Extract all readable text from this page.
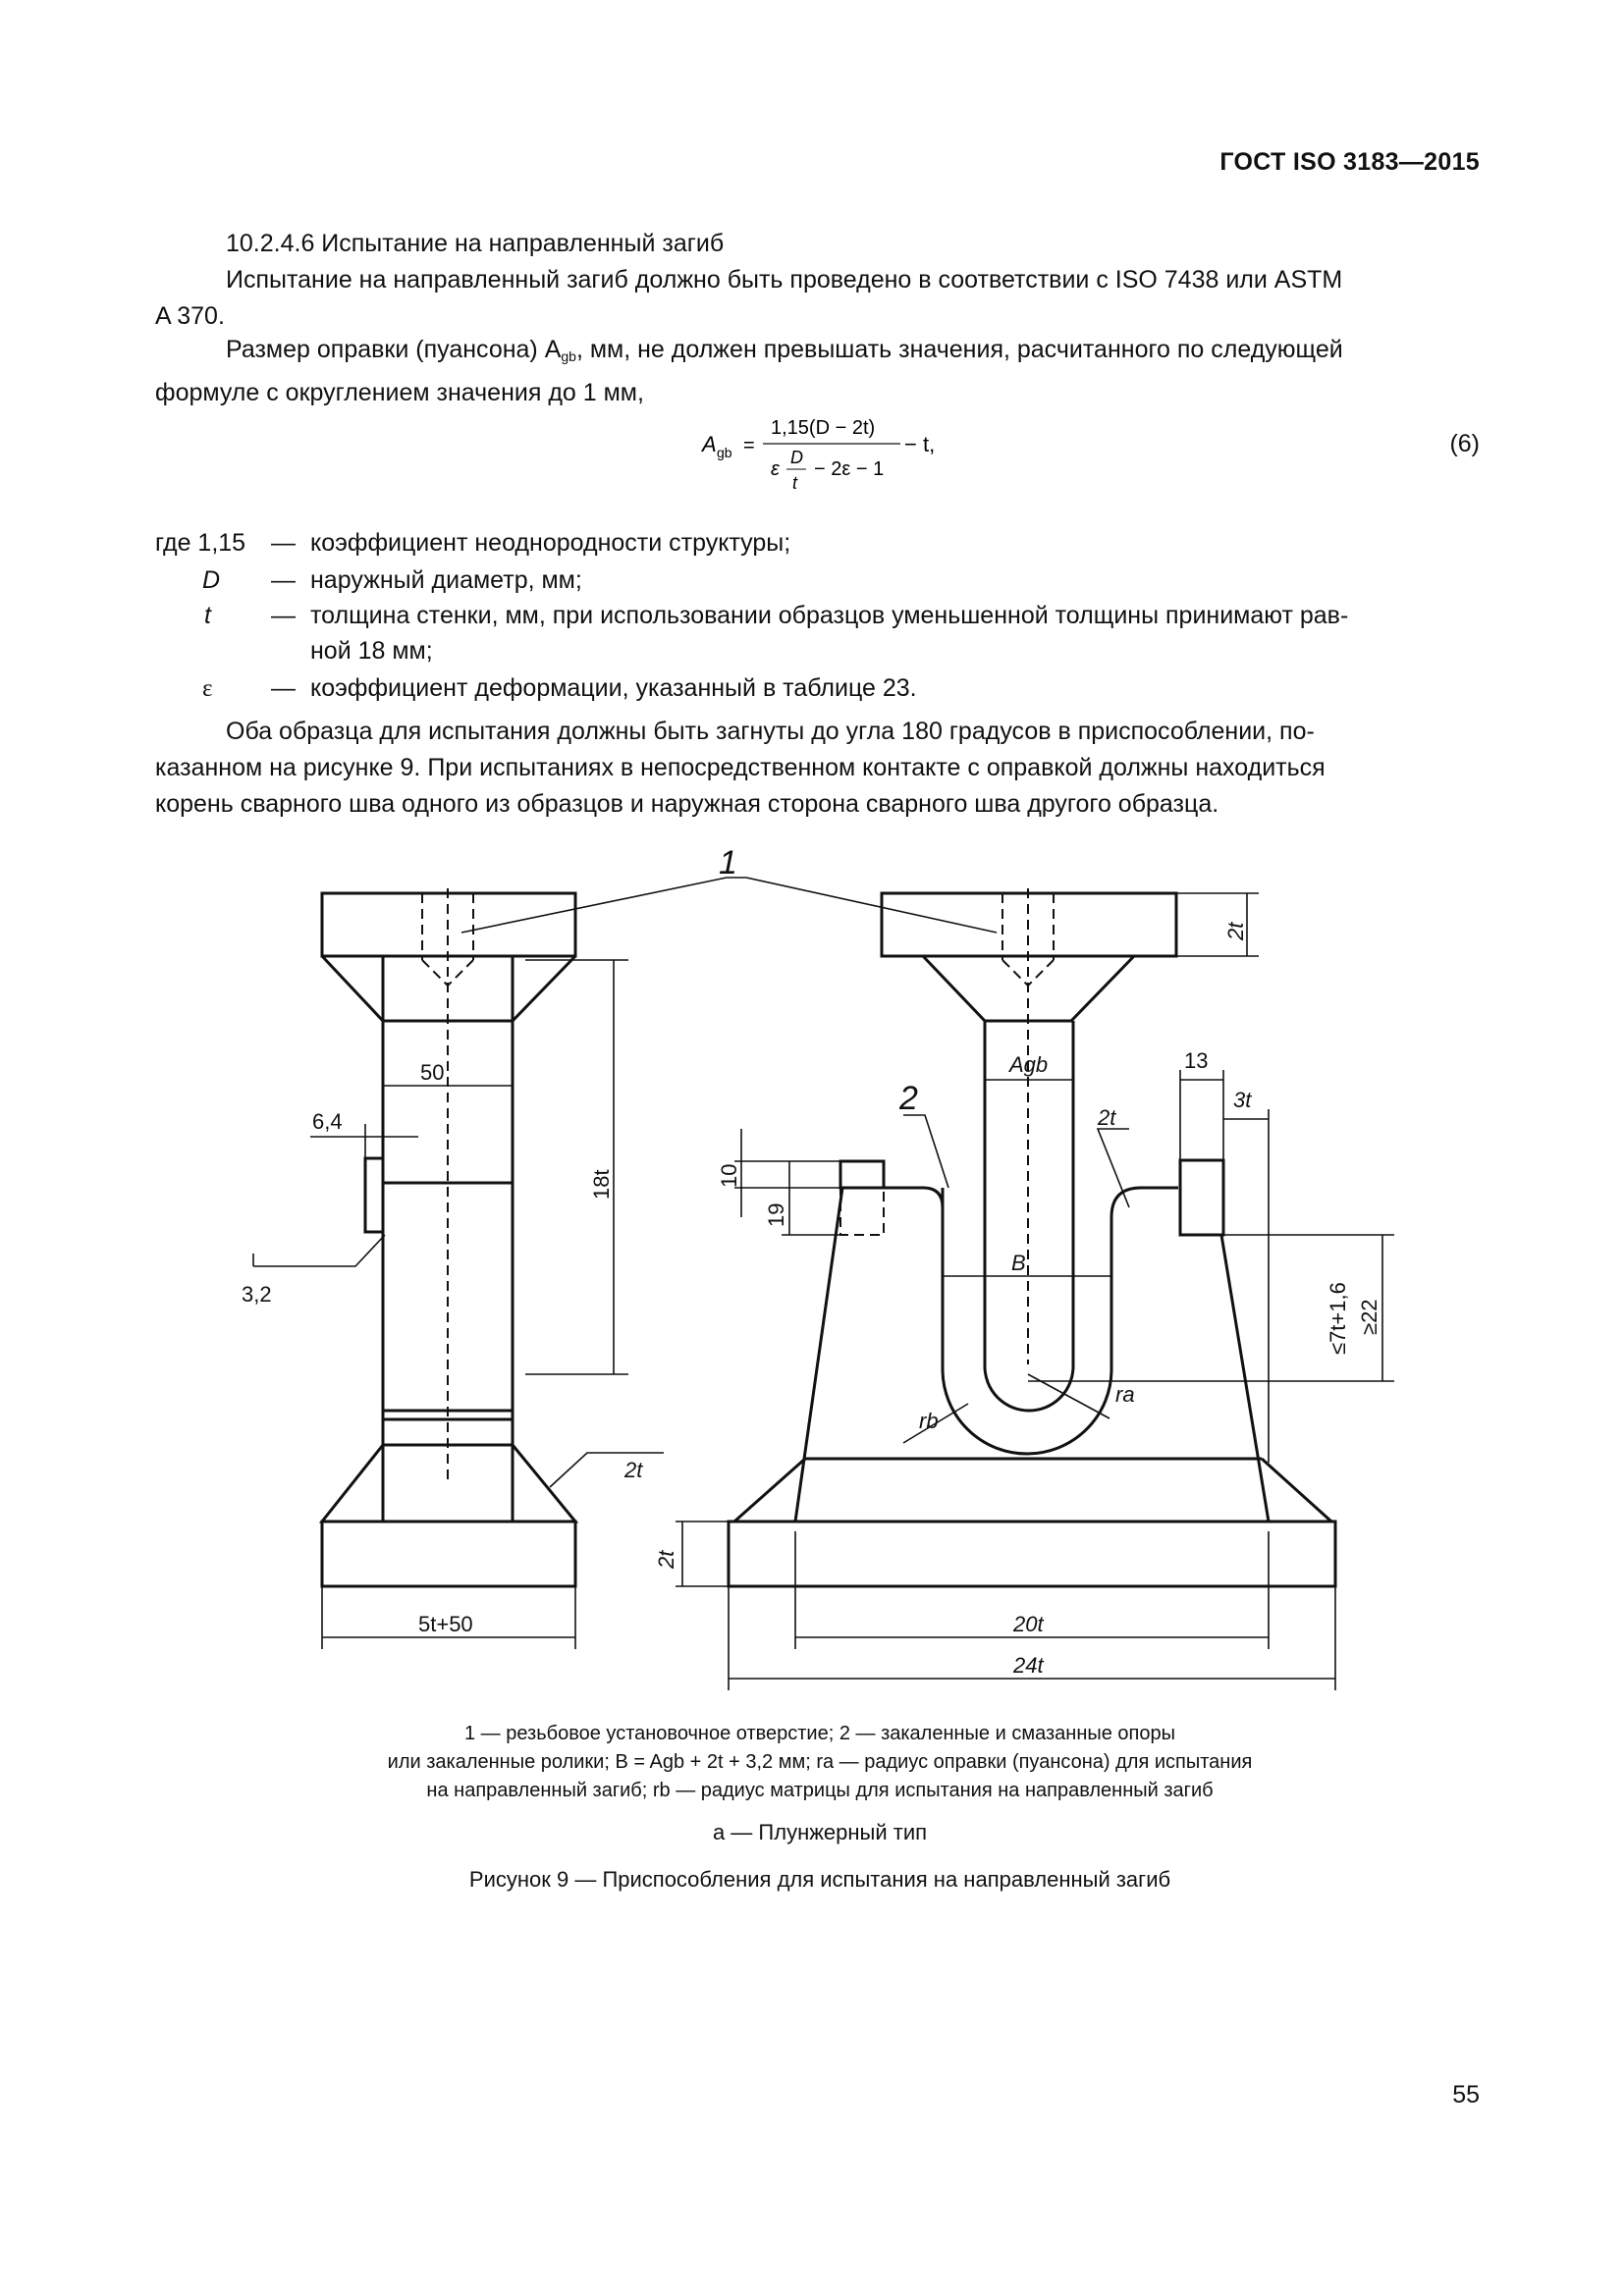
ГОСТ ISO 3183—2015
10.2.4.6 Испытание на направленный загиб
Испытание на направленный загиб должно быть проведено в соответствии с ISO 7438 или ASTM
A 370.
Размер оправки (пуансона) $A_{gb}$, мм, не должен превышать значения, расчитанного по следующей
формуле с округлением значения до 1 мм,
A gb =
1,15(D − 2t)
ε
D
t
− 2ε − 1
− t,	(6)
где 1,15	— коэффициент неоднородности структуры;
D	— наружный диаметр, мм;
t	— толщина стенки, мм, при использовании образцов уменьшенной толщины принимают рав-
ной 18 мм;
ε	— коэффициент деформации, указанный в таблице 23.
Оба образца для испытания должны быть загнуты до угла 180 градусов в приспособлении, по-
казанном на рисунке 9. При испытаниях в непосредственном контакте с оправкой должны находиться
корень сварного шва одного из образцов и наружная сторона сварного шва другого образца.
1
50
6,4
18t
3,2
2t
5t+50
2t
2t
Agb	13
3t
2
2t
10
19
B
≤7t+1,6 ≥22
ra
rb
20t
24t
1 — резьбовое установочное отверстие; 2 — закаленные и смазанные опоры
или закаленные ролики; B = Agb + 2t + 3,2 мм; ra — радиус оправки (пуансона) для испытания
на направленный загиб; rb — радиус матрицы для испытания на направленный загиб
a — Плунжерный тип
Рисунок 9 — Приспособления для испытания на направленный загиб
55
